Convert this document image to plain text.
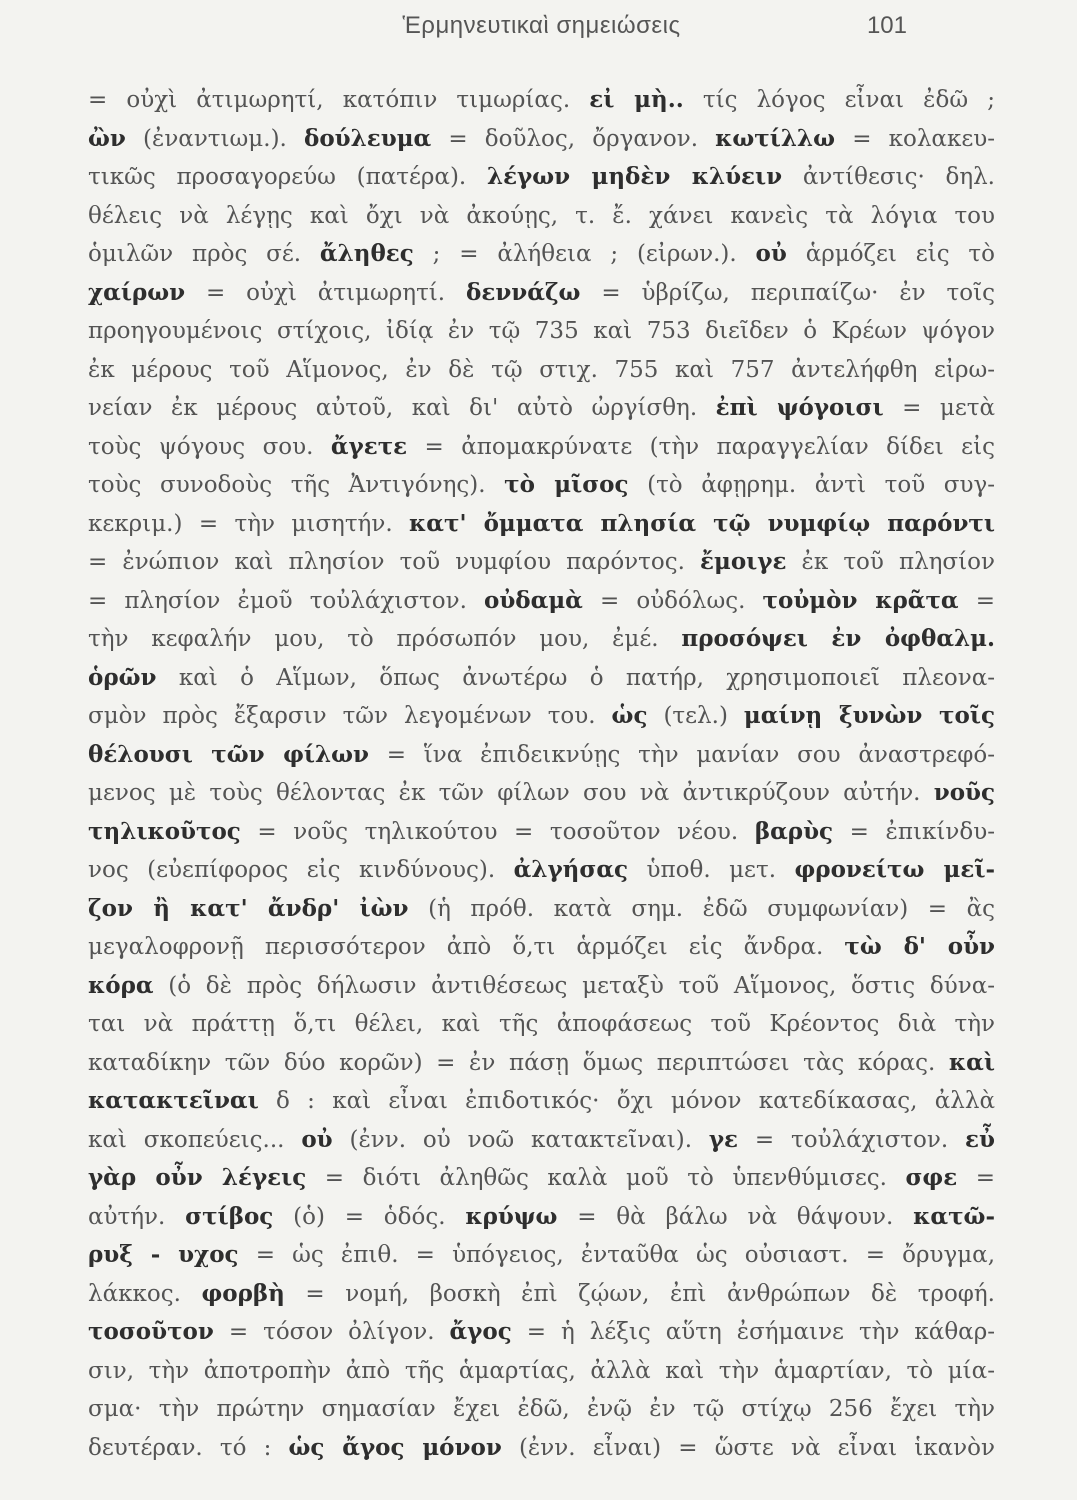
Ἑρμηνευτικαὶ σημειώσεις	101
= οὐχὶ ἀτιμωρητί, κατόπιν τιμωρίας. εἰ μὴ.. τίς λόγος εἶναι ἐδῶ ;
ὢν (ἐναντιωμ.). δούλευμα = δοῦλος, ὄργανον. κωτίλλω = κολακευ-
τικῶς προσαγορεύω (πατέρα). λέγων μηδὲν κλύειν ἀντίθεσις· δηλ.
θέλεις νὰ λέγῃς καὶ ὄχι νὰ ἀκούῃς, τ. ἔ. χάνει κανεὶς τὰ λόγια του
ὁμιλῶν πρὸς σέ. ἄληθες ; = ἀλήθεια ; (εἰρων.). οὐ ἁρμόζει εἰς τὸ
χαίρων = οὐχὶ ἀτιμωρητί. δεννάζω = ὑβρίζω, περιπαίζω· ἐν τοῖς
προηγουμένοις στίχοις, ἰδίᾳ ἐν τῷ 735 καὶ 753 διεῖδεν ὁ Κρέων ψόγον
ἐκ μέρους τοῦ Αἵμονος, ἐν δὲ τῷ στιχ. 755 καὶ 757 ἀντελήφθη εἰρω-
νείαν ἐκ μέρους αὐτοῦ, καὶ δι' αὐτὸ ὠργίσθη. ἐπὶ ψόγοισι = μετὰ
τοὺς ψόγους σου. ἄγετε = ἀπομακρύνατε (τὴν παραγγελίαν δίδει εἰς
τοὺς συνοδοὺς τῆς Ἀντιγόνης). τὸ μῖσος (τὸ ἀφῃρημ. ἀντὶ τοῦ συγ-
κεκριμ.) = τὴν μισητήν. κατ' ὄμματα πλησία τῷ νυμφίῳ παρόντι
= ἐνώπιον καὶ πλησίον τοῦ νυμφίου παρόντος. ἔμοιγε ἐκ τοῦ πλησίον
= πλησίον ἐμοῦ τοὐλάχιστον. οὐδαμὰ = οὐδόλως. τοὐμὸν κρᾶτα =
τὴν κεφαλήν μου, τὸ πρόσωπόν μου, ἐμέ. προσόψει ἐν ὀφθαλμ.
ὁρῶν καὶ ὁ Αἵμων, ὅπως ἀνωτέρω ὁ πατήρ, χρησιμοποιεῖ πλεονα-
σμὸν πρὸς ἔξαρσιν τῶν λεγομένων του. ὡς (τελ.) μαίνῃ ξυνὼν τοῖς
θέλουσι τῶν φίλων = ἵνα ἐπιδεικνύῃς τὴν μανίαν σου ἀναστρεφό-
μενος μὲ τοὺς θέλοντας ἐκ τῶν φίλων σου νὰ ἀντικρύζουν αὐτήν. νοῦς
τηλικοῦτος = νοῦς τηλικούτου = τοσοῦτον νέου. βαρὺς = ἐπικίνδυ-
νος (εὐεπίφορος εἰς κινδύνους). ἀλγήσας ὑποθ. μετ. φρονείτω μεῖ-
ζον ἢ κατ' ἄνδρ' ἰὼν (ἡ πρόθ. κατὰ σημ. ἐδῶ συμφωνίαν) = ἂς
μεγαλοφρονῇ περισσότερον ἀπὸ ὅ,τι ἁρμόζει εἰς ἄνδρα. τὼ δ' οὖν
κόρα (ὁ δὲ πρὸς δήλωσιν ἀντιθέσεως μεταξὺ τοῦ Αἵμονος, ὅστις δύνα-
ται νὰ πράττῃ ὅ,τι θέλει, καὶ τῆς ἀποφάσεως τοῦ Κρέοντος διὰ τὴν
καταδίκην τῶν δύο κορῶν) = ἐν πάσῃ ὅμως περιπτώσει τὰς κόρας. καὶ
κατακτεῖναι δ : καὶ εἶναι ἐπιδοτικός· ὄχι μόνον κατεδίκασας, ἀλλὰ
καὶ σκοπεύεις... οὐ (ἐνν. οὐ νοῶ κατακτεῖναι). γε = τοὐλάχιστον. εὖ
γὰρ οὖν λέγεις = διότι ἀληθῶς καλὰ μοῦ τὸ ὑπενθύμισες. σφε =
αὐτήν. στίβος (ὁ) = ὁδός. κρύψω = θὰ βάλω νὰ θάψουν. κατῶ-
ρυξ - υχος = ὡς ἐπιθ. = ὑπόγειος, ἐνταῦθα ὡς οὐσιαστ. = ὄρυγμα,
λάκκος. φορβὴ = νομή, βοσκὴ ἐπὶ ζῴων, ἐπὶ ἀνθρώπων δὲ τροφή.
τοσοῦτον = τόσον ὀλίγον. ἄγος = ἡ λέξις αὕτη ἐσήμαινε τὴν κάθαρ-
σιν, τὴν ἀποτροπὴν ἀπὸ τῆς ἁμαρτίας, ἀλλὰ καὶ τὴν ἁμαρτίαν, τὸ μία-
σμα· τὴν πρώτην σημασίαν ἔχει ἐδῶ, ἐνῷ ἐν τῷ στίχῳ 256 ἔχει τὴν
δευτέραν. τό : ὡς ἄγος μόνον (ἐνν. εἶναι) = ὥστε νὰ εἶναι ἱκανὸν
